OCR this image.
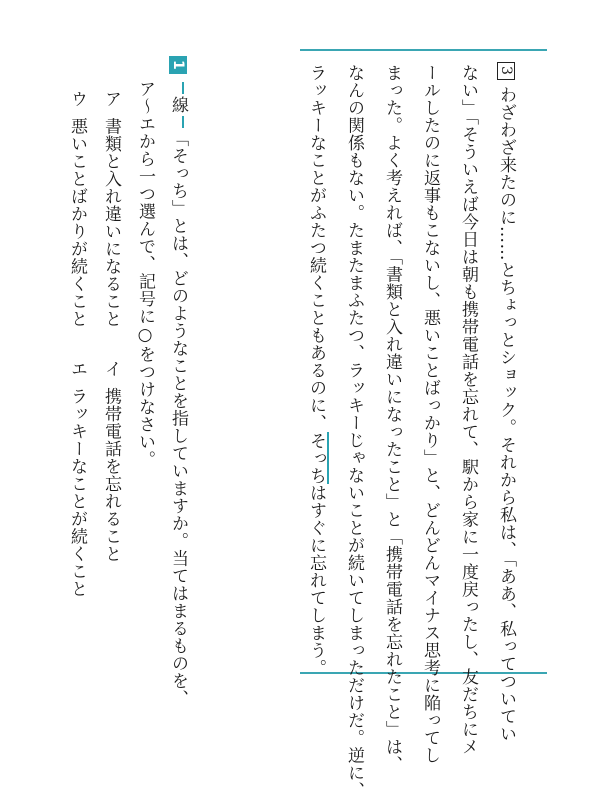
3わざわざ来たのに……とちょっとショック。それから私は、「ああ、私ってついてい
ない」「そういえば今日は朝も携帯電話を忘れて、駅から家に一度戻ったし、友だちにメ
ールしたのに返事もこないし、悪いことばっかり」と、どんどんマイナス思考に陥ってし
まった。よく考えれば、「書類と入れ違いになったこと」と「携帯電話を忘れたこと」は、
なんの関係もない。たまたまふたつ、ラッキーじゃないことが続いてしまっただけだ。逆に、
ラッキーなことがふたつ続くこともあるのに、そっちはすぐに忘れてしまう。
1線「そっち」とは、どのようなことを指していますか。当てはまるものを、
ア〜エから一つ選んで、記号に○をつけなさい。
ア書類と入れ違いになること
イ携帯電話を忘れること
ウ悪いことばかりが続くこと
エラッキーなことが続くこと
